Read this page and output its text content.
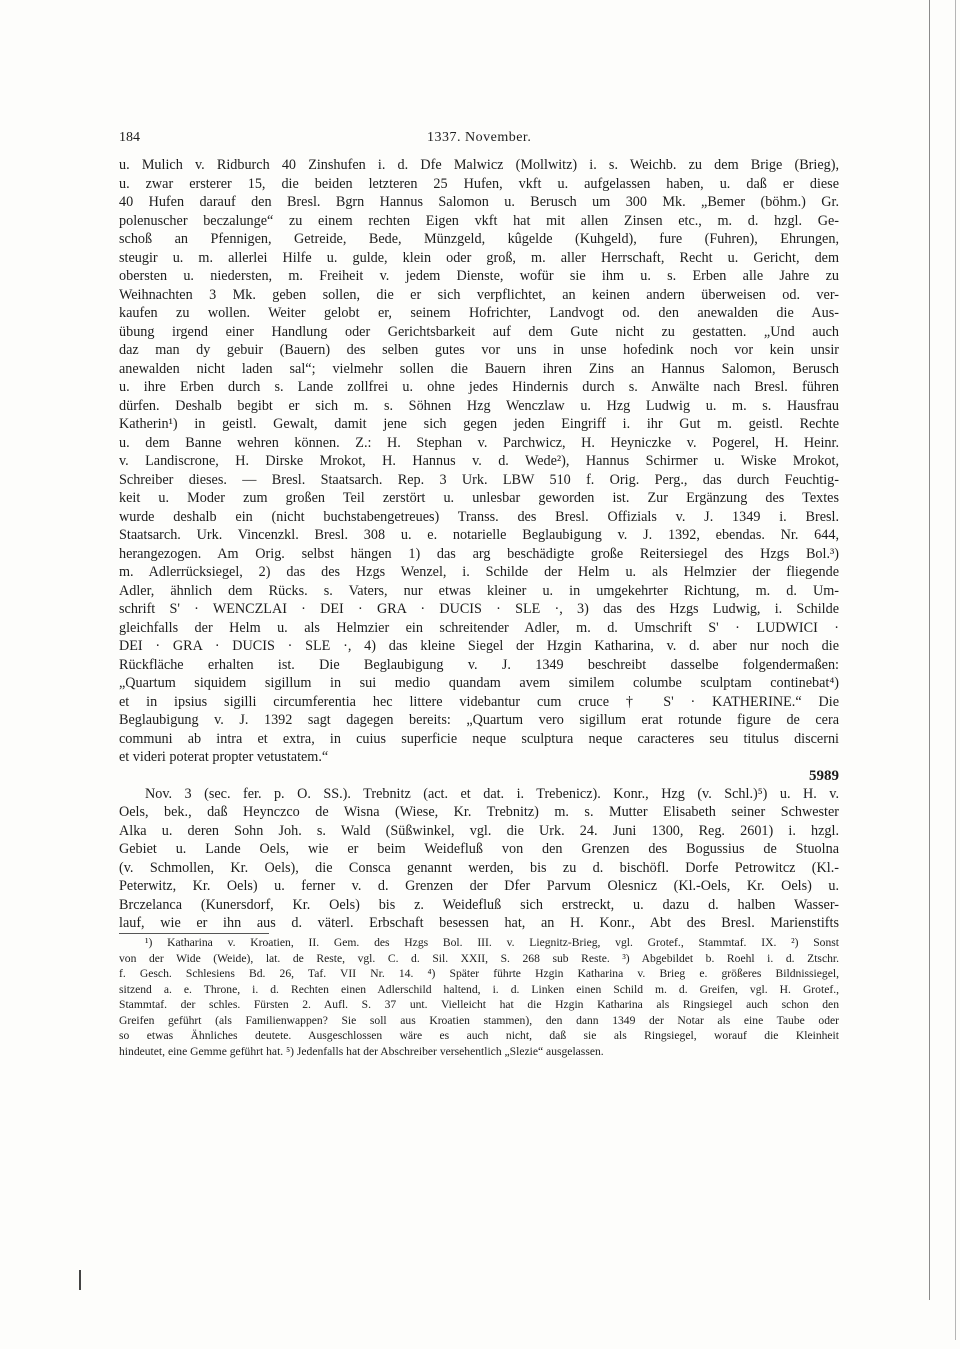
184	1337. November.
u. Mulich v. Ridburch 40 Zinshufen i. d. Dfe Malwicz (Mollwitz) i. s. Weichb. zu dem Brige (Brieg),
u. zwar ersterer 15, die beiden letzteren 25 Hufen, vkft u. aufgelassen haben, u. daß er diese
40 Hufen darauf den Bresl. Bgrn Hannus Salomon u. Berusch um 300 Mk. „Bemer (böhm.) Gr.
polenuscher beczalunge“ zu einem rechten Eigen vkft hat mit allen Zinsen etc., m. d. hzgl. Ge-
schoß an Pfennigen, Getreide, Bede, Münzgeld, kûgelde (Kuhgeld), fure (Fuhren), Ehrungen,
steugir u. m. allerlei Hilfe u. gulde, klein oder groß, m. aller Herrschaft, Recht u. Gericht, dem
obersten u. niedersten, m. Freiheit v. jedem Dienste, wofür sie ihm u. s. Erben alle Jahre zu
Weihnachten 3 Mk. geben sollen, die er sich verpflichtet, an keinen andern überweisen od. ver-
kaufen zu wollen. Weiter gelobt er, seinem Hofrichter, Landvogt od. den anewalden die Aus-
übung irgend einer Handlung oder Gerichtsbarkeit auf dem Gute nicht zu gestatten. „Und auch
daz man dy gebuir (Bauern) des selben gutes vor uns in unse hofedink noch vor kein unsir
anewalden nicht laden sal“; vielmehr sollen die Bauern ihren Zins an Hannus Salomon, Berusch
u. ihre Erben durch s. Lande zollfrei u. ohne jedes Hindernis durch s. Anwälte nach Bresl. führen
dürfen. Deshalb begibt er sich m. s. Söhnen Hzg Wenczlaw u. Hzg Ludwig u. m. s. Hausfrau
Katherin¹) in geistl. Gewalt, damit jene sich gegen jeden Eingriff i. ihr Gut m. geistl. Rechte
u. dem Banne wehren können. Z.: H. Stephan v. Parchwicz, H. Heyniczke v. Pogerel, H. Heinr.
v. Landiscrone, H. Dirske Mrokot, H. Hannus v. d. Wede²), Hannus Schirmer u. Wiske Mrokot,
Schreiber dieses. — Bresl. Staatsarch. Rep. 3 Urk. LBW 510 f. Orig. Perg., das durch Feuchtig-
keit u. Moder zum großen Teil zerstört u. unlesbar geworden ist. Zur Ergänzung des Textes
wurde deshalb ein (nicht buchstabengetreues) Transs. des Bresl. Offizials v. J. 1349 i. Bresl.
Staatsarch. Urk. Vincenzkl. Bresl. 308 u. e. notarielle Beglaubigung v. J. 1392, ebendas. Nr. 644,
herangezogen. Am Orig. selbst hängen 1) das arg beschädigte große Reitersiegel des Hzgs Bol.³)
m. Adlerrücksiegel, 2) das des Hzgs Wenzel, i. Schilde der Helm u. als Helmzier der fliegende
Adler, ähnlich dem Rücks. s. Vaters, nur etwas kleiner u. in umgekehrter Richtung, m. d. Um-
schrift S' · WENCZLAI · DEI · GRA · DUCIS · SLE ·, 3) das des Hzgs Ludwig, i. Schilde
gleichfalls der Helm u. als Helmzier ein schreitender Adler, m. d. Umschrift S' · LUDWICI ·
DEI · GRA · DUCIS · SLE ·, 4) das kleine Siegel der Hzgin Katharina, v. d. aber nur noch die
Rückfläche erhalten ist. Die Beglaubigung v. J. 1349 beschreibt dasselbe folgendermaßen:
„Quartum siquidem sigillum in sui medio quandam avem similem columbe sculptam continebat⁴)
et in ipsius sigilli circumferentia hec littere videbantur cum cruce † S' · KATHERINE.“ Die
Beglaubigung v. J. 1392 sagt dagegen bereits: „Quartum vero sigillum erat rotunde figure de cera
communi ab intra et extra, in cuius superficie neque sculptura neque caracteres seu titulus discerni
et videri poterat propter vetustatem.“
5989
Nov. 3 (sec. fer. p. O. SS.). Trebnitz (act. et dat. i. Trebenicz). Konr., Hzg (v. Schl.)⁵) u. H. v.
Oels, bek., daß Heynczco de Wisna (Wiese, Kr. Trebnitz) m. s. Mutter Elisabeth seiner Schwester
Alka u. deren Sohn Joh. s. Wald (Süßwinkel, vgl. die Urk. 24. Juni 1300, Reg. 2601) i. hzgl.
Gebiet u. Lande Oels, wie er beim Weidefluß von den Grenzen des Bogussius de Stuolna
(v. Schmollen, Kr. Oels), die Consca genannt werden, bis zu d. bischöfl. Dorfe Petrowitcz (Kl.-
Peterwitz, Kr. Oels) u. ferner v. d. Grenzen der Dfer Parvum Olesnicz (Kl.-Oels, Kr. Oels) u.
Brczelanca (Kunersdorf, Kr. Oels) bis z. Weidefluß sich erstreckt, u. dazu d. halben Wasser-
lauf, wie er ihn aus d. väterl. Erbschaft besessen hat, an H. Konr., Abt des Bresl. Marienstifts
¹) Katharina v. Kroatien, II. Gem. des Hzgs Bol. III. v. Liegnitz-Brieg, vgl. Grotef., Stammtaf. IX. ²) Sonst
von der Wide (Weide), lat. de Reste, vgl. C. d. Sil. XXII, S. 268 sub Reste. ³) Abgebildet b. Roehl i. d. Ztschr.
f. Gesch. Schlesiens Bd. 26, Taf. VII Nr. 14. ⁴) Später führte Hzgin Katharina v. Brieg e. größeres Bildnissiegel,
sitzend a. e. Throne, i. d. Rechten einen Adlerschild haltend, i. d. Linken einen Schild m. d. Greifen, vgl. H. Grotef.,
Stammtaf. der schles. Fürsten 2. Aufl. S. 37 unt. Vielleicht hat die Hzgin Katharina als Ringsiegel auch schon den
Greifen geführt (als Familienwappen? Sie soll aus Kroatien stammen), den dann 1349 der Notar als eine Taube oder
so etwas Ähnliches deutete. Ausgeschlossen wäre es auch nicht, daß sie als Ringsiegel, worauf die Kleinheit
hindeutet, eine Gemme geführt hat. ⁵) Jedenfalls hat der Abschreiber versehentlich „Slezie“ ausgelassen.
